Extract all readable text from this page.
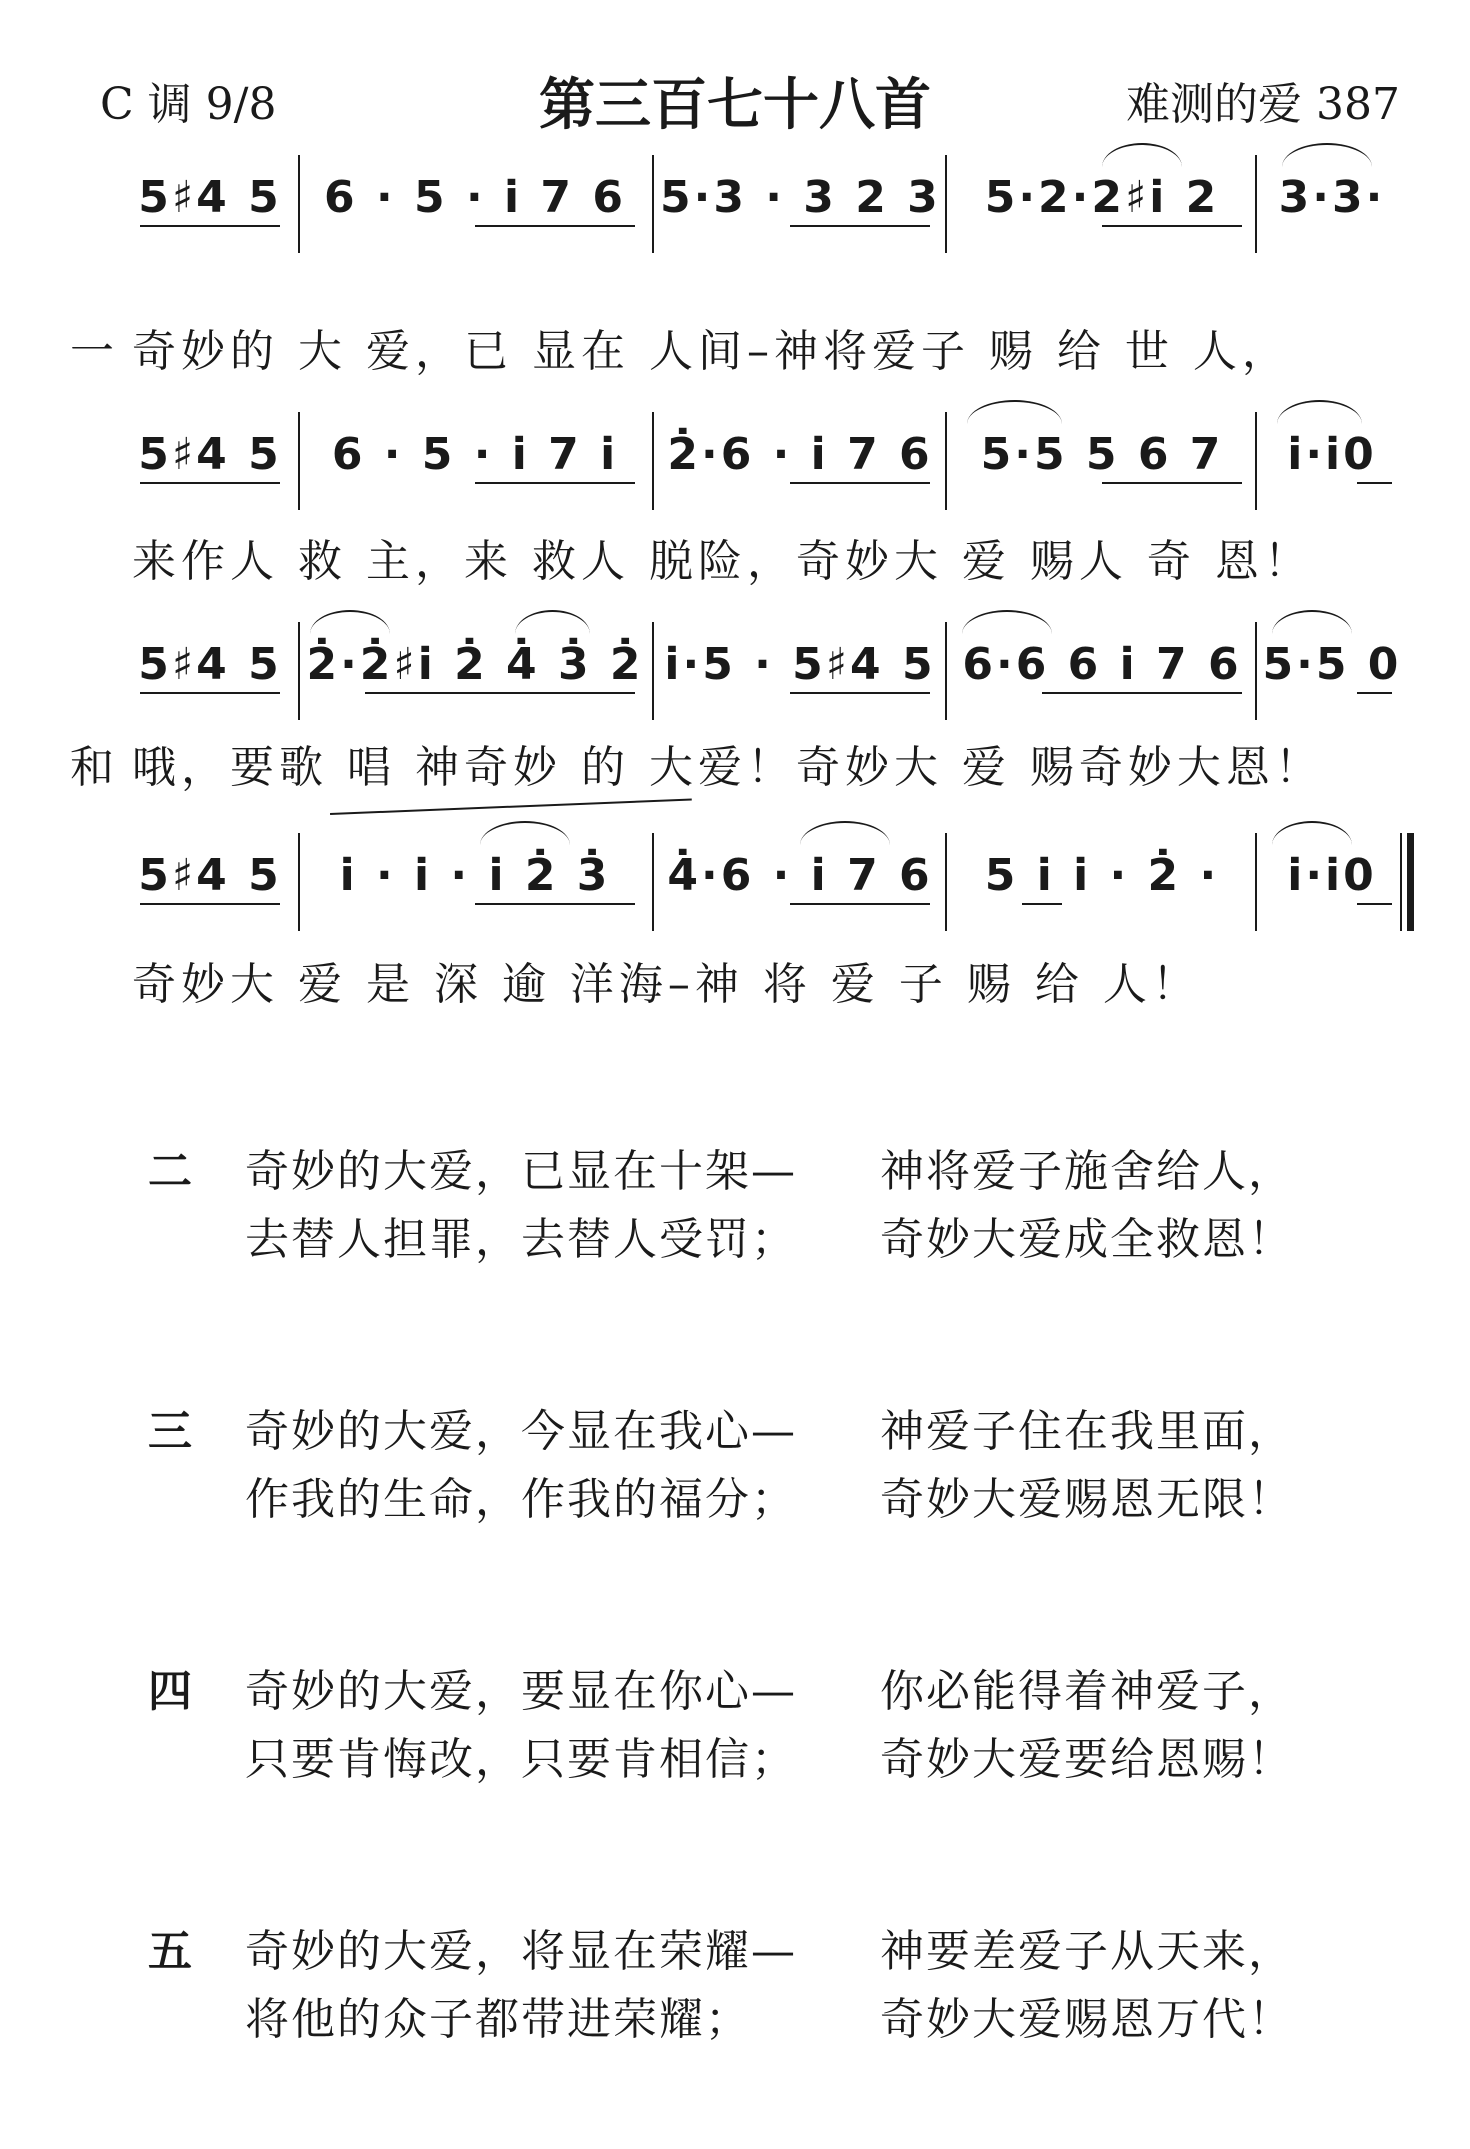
C 调 9/8	第三百七十八首	难测的爱 387
5♯4 5 6 · 5 · i̇ 7 6 5·3 · 3 2 3 5·2·2♯i̇ 2	3·3·
一 奇妙的 大 爱，已 显在 人间–神将爱子 赐 给 世 人，
5♯4 5	6 · 5 · i̇ 7 i̇	2̇·6 · i̇ 7 6	5·5 5 6 7	i̇·i̇0
来作人 救 主，来 救人 脱险，奇妙大 爱 赐人 奇 恩！
5♯4 5 2̇·2̇♯i̇ 2̇ 4̇ 3̇ 2̇ i̇·5 · 5♯4 5 6·6 6 i̇ 7 6 5·5 0
和 哦，要歌 唱 神奇妙 的 大爱！奇妙大 爱 赐奇妙大恩！
5♯4 5	i̇ · i̇ · i̇ 2̇ 3̇	4̇·6 · i̇ 7 6	5 i̇ i̇ · 2̇ ·	i̇·i̇0
奇妙大 爱 是 深 逾 洋海–神 将 爱 子 赐 给 人！
二 奇妙的大爱，已显在十架— 神将爱子施舍给人，
去替人担罪，去替人受罚； 奇妙大爱成全救恩！
三 奇妙的大爱，今显在我心— 神爱子住在我里面，
作我的生命，作我的福分； 奇妙大爱赐恩无限！
四 奇妙的大爱，要显在你心— 你必能得着神爱子，
只要肯悔改，只要肯相信； 奇妙大爱要给恩赐！
五 奇妙的大爱，将显在荣耀— 神要差爱子从天来，
将他的众子都带进荣耀；	奇妙大爱赐恩万代！
